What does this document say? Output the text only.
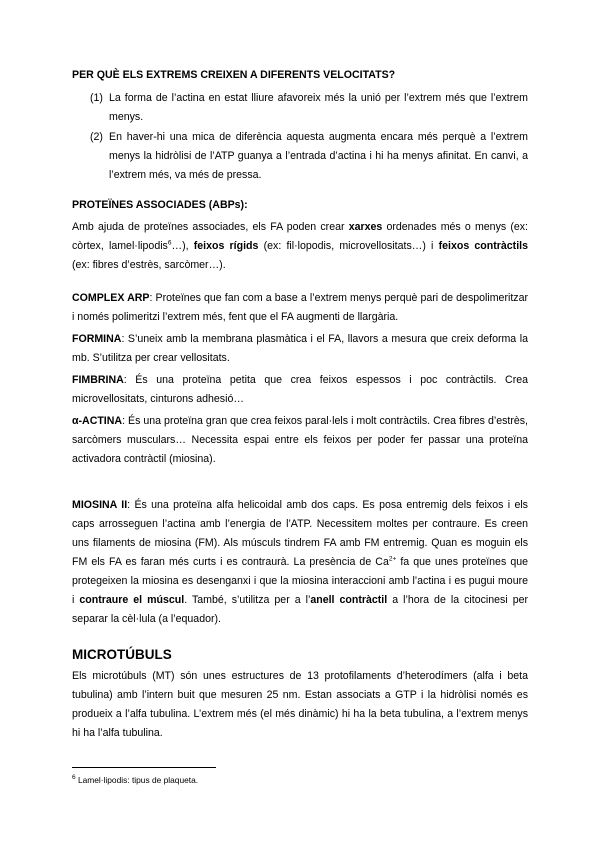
PER QUÈ ELS EXTREMS CREIXEN A DIFERENTS VELOCITATS?
(1) La forma de l’actina en estat lliure afavoreix més la unió per l’extrem més que l’extrem menys.
(2) En haver-hi una mica de diferència aquesta augmenta encara més perquè a l’extrem menys la hidròlisi de l’ATP guanya a l’entrada d’actina i hi ha menys afinitat. En canvi, a l’extrem més, va més de pressa.
PROTEÏNES ASSOCIADES (ABPs):

Amb ajuda de proteïnes associades, els FA poden crear xarxes ordenades més o menys (ex: còrtex, lamel·lipodis$^6$…), feixos rígids (ex: fil·lopodis, microvellositats…) i feixos contràctils (ex: fibres d’estrès, sarcòmer…).

COMPLEX ARP: Proteïnes que fan com a base a l’extrem menys perquè pari de despolimeritzar i només polimeritzi l’extrem més, fent que el FA augmenti de llargària.

FORMINA: S’uneix amb la membrana plasmàtica i el FA, llavors a mesura que creix deforma la mb. S’utilitza per crear vellositats.

FIMBRINA: És una proteïna petita que crea feixos espessos i poc contràctils. Crea microvellositats, cinturons adhesió…

α-ACTINA: És una proteïna gran que crea feixos paral·lels i molt contràctils. Crea fibres d’estrès, sarcòmers musculars… Necessita espai entre els feixos per poder fer passar una proteïna activadora contràctil (miosina).

MIOSINA II: És una proteïna alfa helicoidal amb dos caps. Es posa entremig dels feixos i els caps arrosseguen l’actina amb l’energia de l’ATP. Necessitem moltes per contraure. Es creen uns filaments de miosina (FM). Als músculs tindrem FA amb FM entremig. Quan es moguin els FM els FA es faran més curts i es contraurà. La presència de $Ca^{2+}$ fa que unes proteïnes que protegeixen la miosina es desenganxi i que la miosina interaccioni amb l’actina i es pugui moure i contraure el múscul. També, s’utilitza per a l’anell contràctil a l’hora de la citocinesi per separar la cèl·lula (a l’equador).

MICROTÚBULS

Els microtúbuls (MT) són unes estructures de 13 protofilaments d’heterodímers (alfa i beta tubulina) amb l’intern buit que mesuren 25 nm. Estan associats a GTP i la hidròlisi només es produeix a l’alfa tubulina. L’extrem més (el més dinàmic) hi ha la beta tubulina, a l’extrem menys hi ha l’alfa tubulina.

$^6$ Lamel·lipodis: tipus de plaqueta.
